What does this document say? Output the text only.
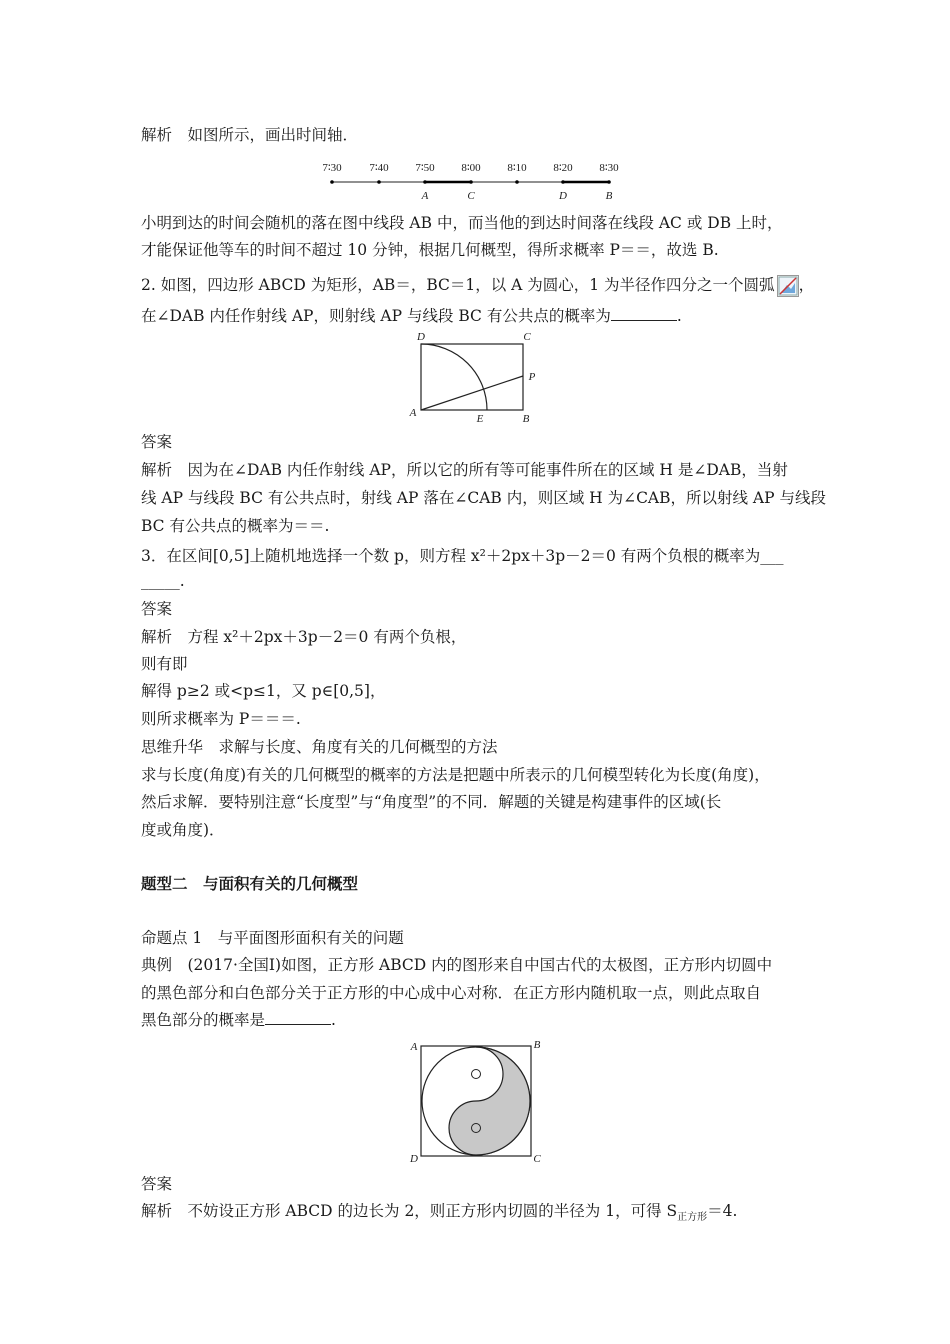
解析　如图所示，画出时间轴．
7∶30	7∶40 7∶50 8∶00 8∶10 8∶20 8∶30
A	C	D	B
小明到达的时间会随机的落在图中线段 AB 中，而当他的到达时间落在线段 AC 或 DB 上时，
才能保证他等车的时间不超过 10 分钟，根据几何概型，得所求概率 P＝＝，故选 B.
2. 如图，四边形 ABCD 为矩形，AB＝，BC＝1，以 A 为圆心，1 为半径作四分之一个圆弧 ，
在∠DAB 内任作射线 AP，则射线 AP 与线段 BC 有公共点的概率为	.
D	C
P
A	E	B
答案
解析　因为在∠DAB 内任作射线 AP，所以它的所有等可能事件所在的区域 H 是∠DAB，当射
线 AP 与线段 BC 有公共点时，射线 AP 落在∠CAB 内，则区域 H 为∠CAB，所以射线 AP 与线段
BC 有公共点的概率为＝＝.
3．在区间[0,5]上随机地选择一个数 p，则方程 x²＋2px＋3p－2＝0 有两个负根的概率为___
_____.
答案
解析　方程 x²＋2px＋3p－2＝0 有两个负根，
则有即
解得 p≥2 或<p≤1，又 p∈[0,5]，
则所求概率为 P＝＝＝.
思维升华　求解与长度、角度有关的几何概型的方法
求与长度(角度)有关的几何概型的概率的方法是把题中所表示的几何模型转化为长度(角度)，
然后求解．要特别注意“长度型”与“角度型”的不同．解题的关键是构建事件的区域(长
度或角度)．
题型二　与面积有关的几何概型
命题点 1　与平面图形面积有关的问题
典例　(2017·全国Ⅰ)如图，正方形 ABCD 内的图形来自中国古代的太极图，正方形内切圆中
的黑色部分和白色部分关于正方形的中心成中心对称．在正方形内随机取一点，则此点取自
黑色部分的概率是	.
A	B
D	C
答案
解析　不妨设正方形 ABCD 的边长为 2，则正方形内切圆的半径为 1，可得 $S_{正方形}=4$.
